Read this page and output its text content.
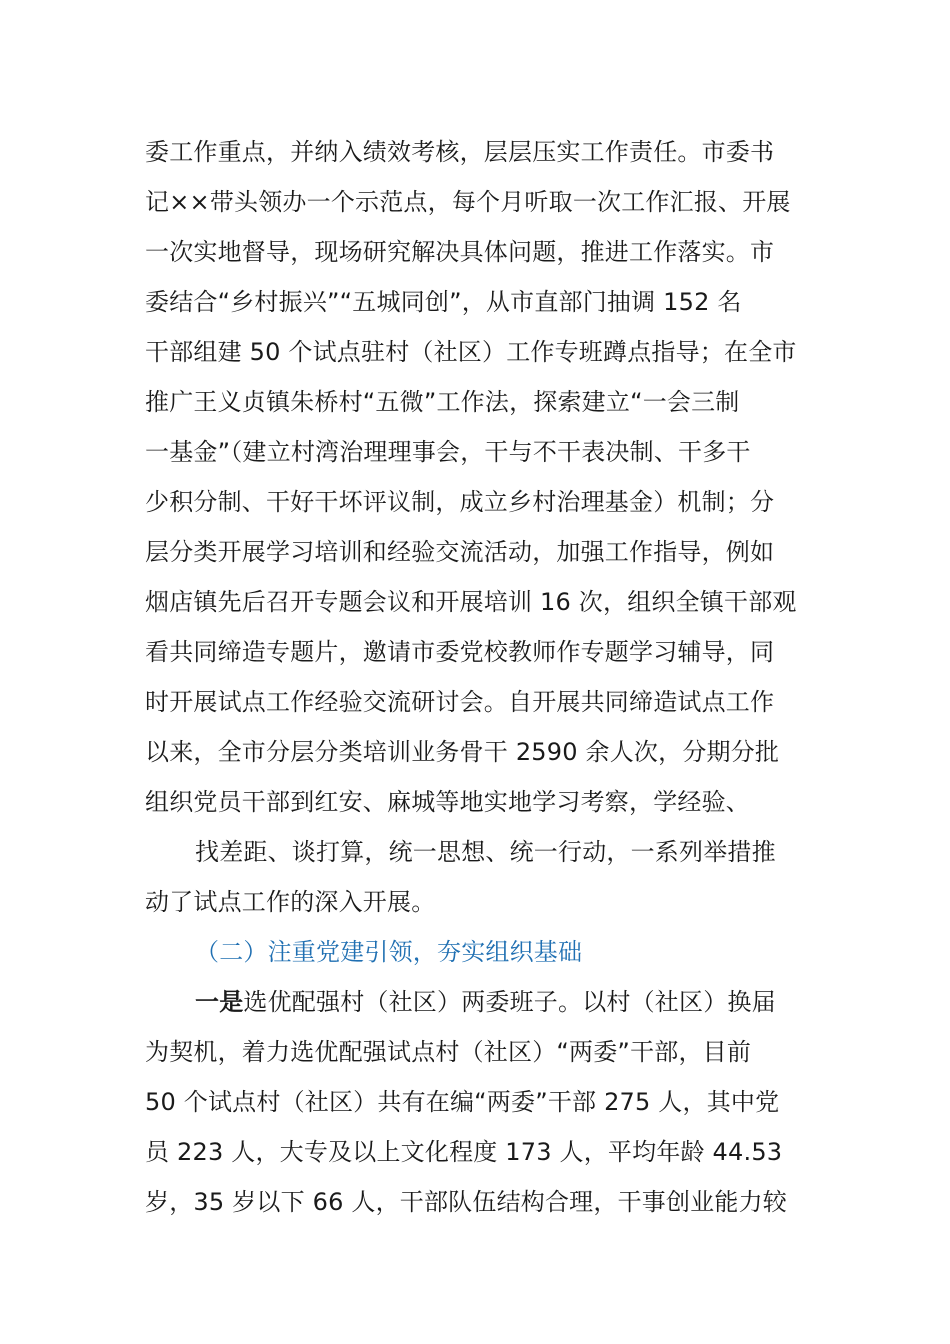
委工作重点，并纳入绩效考核，层层压实工作责任。市委书
记××带头领办一个示范点，每个月听取一次工作汇报、开展
一次实地督导，现场研究解决具体问题，推进工作落实。市
委结合“乡村振兴”“五城同创”，从市直部门抽调 152 名
干部组建 50 个试点驻村（社区）工作专班蹲点指导；在全市
推广王义贞镇朱桥村“五微”工作法，探索建立“一会三制
一基金”（建立村湾治理理事会，干与不干表决制、干多干
少积分制、干好干坏评议制，成立乡村治理基金）机制；分
层分类开展学习培训和经验交流活动，加强工作指导，例如
烟店镇先后召开专题会议和开展培训 16 次，组织全镇干部观
看共同缔造专题片，邀请市委党校教师作专题学习辅导，同
时开展试点工作经验交流研讨会。自开展共同缔造试点工作
以来，全市分层分类培训业务骨干 2590 余人次，分期分批
组织党员干部到红安、麻城等地实地学习考察，学经验、
找差距、谈打算，统一思想、统一行动，一系列举措推
动了试点工作的深入开展。
（二）注重党建引领，夯实组织基础
一是选优配强村（社区）两委班子。以村（社区）换届
为契机，着力选优配强试点村（社区）“两委”干部，目前
50 个试点村（社区）共有在编“两委”干部 275 人，其中党
员 223 人，大专及以上文化程度 173 人，平均年龄 44.53
岁，35 岁以下 66 人，干部队伍结构合理，干事创业能力较
